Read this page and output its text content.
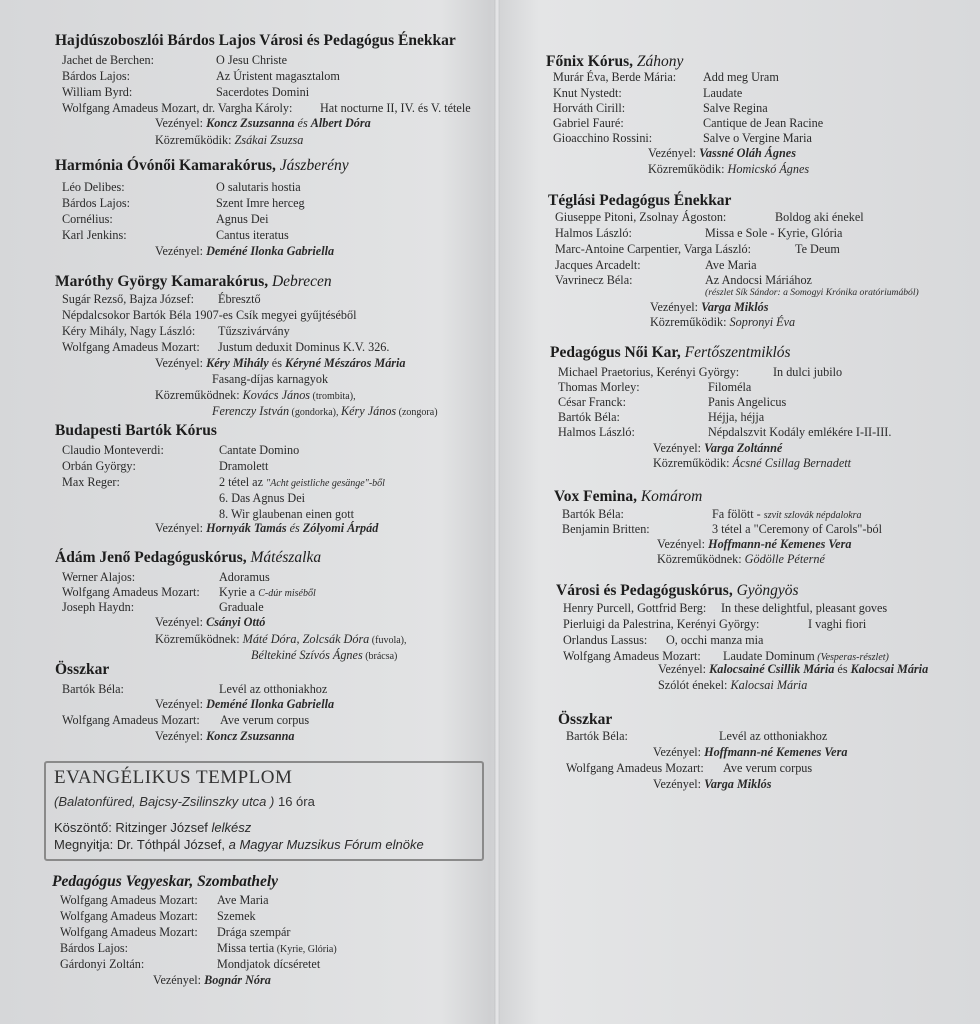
Hajdúszoboszlói Bárdos Lajos Városi és Pedagógus Énekkar
Jachet de Berchen:	O Jesu Christe
Bárdos Lajos:	Az Úristent magasztalom
William Byrd:	Sacerdotes Domini
Wolfgang Amadeus Mozart, dr. Vargha Károly: Hat nocturne II, IV. és V. tétele
Vezényel: Koncz Zsuzsanna és Albert Dóra
Közreműködik: Zsákai Zsuzsa
Harmónia Óvónői Kamarakórus, Jászberény
Léo Delibes:	O salutaris hostia
Bárdos Lajos:	Szent Imre herceg
Cornélius:	Agnus Dei
Karl Jenkins:	Cantus iteratus
Vezényel: Deméné Ilonka Gabriella
Maróthy György Kamarakórus, Debrecen
Sugár Rezső, Bajza József: Ébresztő
Népdalcsokor Bartók Béla 1907-es Csík megyei gyűjtéséből
Kéry Mihály, Nagy László: Tűzszivárvány
Wolfgang Amadeus Mozart: Justum deduxit Dominus K.V. 326.
Vezényel: Kéry Mihály és Kéryné Mészáros Mária
Fasang-díjas karnagyok
Közreműködnek: Kovács János (trombita),
Ferenczy István (gondorka), Kéry János (zongora)
Budapesti Bartók Kórus
Claudio Monteverdi:	Cantate Domino
Orbán György:	Dramolett
Max Reger:	2 tétel az "Acht geistliche gesänge"-ből
6. Das Agnus Dei
8. Wir glaubenan einen gott
Vezényel: Hornyák Tamás és Zólyomi Árpád
Ádám Jenő Pedagóguskórus, Mátészalka
Werner Alajos:	Adoramus
Wolfgang Amadeus Mozart: Kyrie a C-dúr miséből
Joseph Haydn:	Graduale
Vezényel: Csányi Ottó
Közreműködnek: Máté Dóra, Zolcsák Dóra (fuvola),
Béltekiné Szívós Ágnes (brácsa)
Összkar
Bartók Béla:	Levél az otthoniakhoz
Vezényel: Deméné Ilonka Gabriella
Wolfgang Amadeus Mozart: Ave verum corpus
Vezényel: Koncz Zsuzsanna
EVANGÉLIKUS TEMPLOM
(Balatonfüred, Bajcsy-Zsilinszky utca ) 16 óra
Köszöntő: Ritzinger József lelkész
Megnyitja: Dr. Tóthpál József, a Magyar Muzsikus Fórum elnöke
Pedagógus Vegyeskar, Szombathely
Wolfgang Amadeus Mozart: Ave Maria
Wolfgang Amadeus Mozart: Szemek
Wolfgang Amadeus Mozart: Drága szempár
Bárdos Lajos:	Missa tertia (Kyrie, Glória)
Gárdonyi Zoltán:	Mondjatok dícséretet
Vezényel: Bognár Nóra
Főnix Kórus, Záhony
Murár Éva, Berde Mária: Add meg Uram
Knut Nystedt:	Laudate
Horváth Cirill:	Salve Regina
Gabriel Fauré:	Cantique de Jean Racine
Gioacchino Rossini:	Salve o Vergine Maria
Vezényel: Vassné Oláh Ágnes
Közreműködik: Homicskó Ágnes
Téglási Pedagógus Énekkar
Giuseppe Pitoni, Zsolnay Ágoston:	Boldog aki énekel
Halmos László:	Missa e Sole - Kyrie, Glória
Marc-Antoine Carpentier, Varga László:	Te Deum
Jacques Arcadelt:	Ave Maria
Vavrinecz Béla:	Az Andocsi Máriához
(részlet Sík Sándor: a Somogyi Krónika oratóriumából)
Vezényel: Varga Miklós
Közreműködik: Sopronyi Éva
Pedagógus Női Kar, Fertőszentmiklós
Michael Praetorius, Kerényi György:	In dulci jubilo
Thomas Morley:	Filoméla
César Franck:	Panis Angelicus
Bartók Béla:	Héjja, héjja
Halmos László:	Népdalszvit Kodály emlékére I-II-III.
Vezényel: Varga Zoltánné
Közreműködik: Ácsné Csillag Bernadett
Vox Femina, Komárom
Bartók Béla:	Fa fölött - szvit szlovák népdalokra
Benjamin Britten:	3 tétel a "Ceremony of Carols"-ból
Vezényel: Hoffmann-né Kemenes Vera
Közreműködnek: Gödölle Péterné
Városi és Pedagóguskórus, Gyöngyös
Henry Purcell, Gottfrid Berg: In these delightful, pleasant goves
Pierluigi da Palestrina, Kerényi György:	I vaghi fiori
Orlandus Lassus: O, occhi manza mia
Wolfgang Amadeus Mozart: Laudate Dominum (Vesperas-részlet)
Vezényel: Kalocsainé Csillik Mária és Kalocsai Mária
Szólót énekel: Kalocsai Mária
Összkar
Bartók Béla:	Levél az otthoniakhoz
Vezényel: Hoffmann-né Kemenes Vera
Wolfgang Amadeus Mozart: Ave verum corpus
Vezényel: Varga Miklós
